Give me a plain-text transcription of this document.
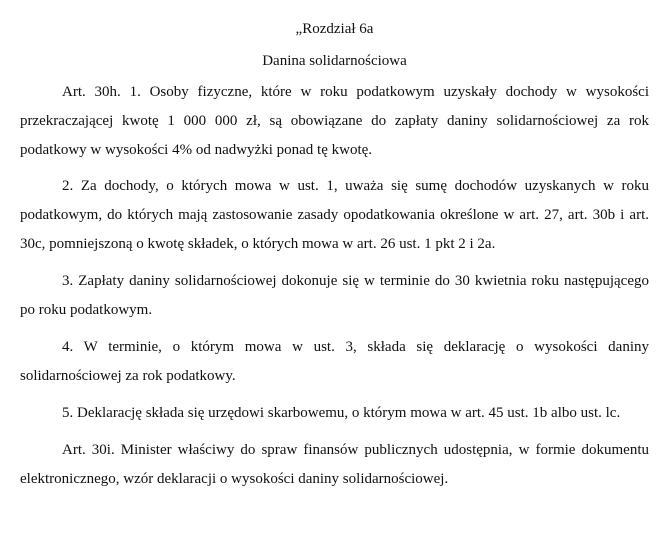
„Rozdział 6a
Danina solidarnościowa

Art. 30h. 1. Osoby fizyczne, które w roku podatkowym uzyskały dochody w wysokości przekraczającej kwotę 1 000 000 zł, są obowiązane do zapłaty daniny solidarnościowej za rok podatkowy w wysokości 4% od nadwyżki ponad tę kwotę.

2. Za dochody, o których mowa w ust. 1, uważa się sumę dochodów uzyskanych w roku podatkowym, do których mają zastosowanie zasady opodatkowania określone w art. 27, art. 30b i art. 30c, pomniejszoną o kwotę składek, o których mowa w art. 26 ust. 1 pkt 2 i 2a.

3. Zapłaty daniny solidarnościowej dokonuje się w terminie do 30 kwietnia roku następującego po roku podatkowym.

4. W terminie, o którym mowa w ust. 3, składa się deklarację o wysokości daniny solidarnościowej za rok podatkowy.

5. Deklarację składa się urzędowi skarbowemu, o którym mowa w art. 45 ust. 1b albo ust. lc.

Art. 30i. Minister właściwy do spraw finansów publicznych udostępnia, w formie dokumentu elektronicznego, wzór deklaracji o wysokości daniny solidarnościowej.
